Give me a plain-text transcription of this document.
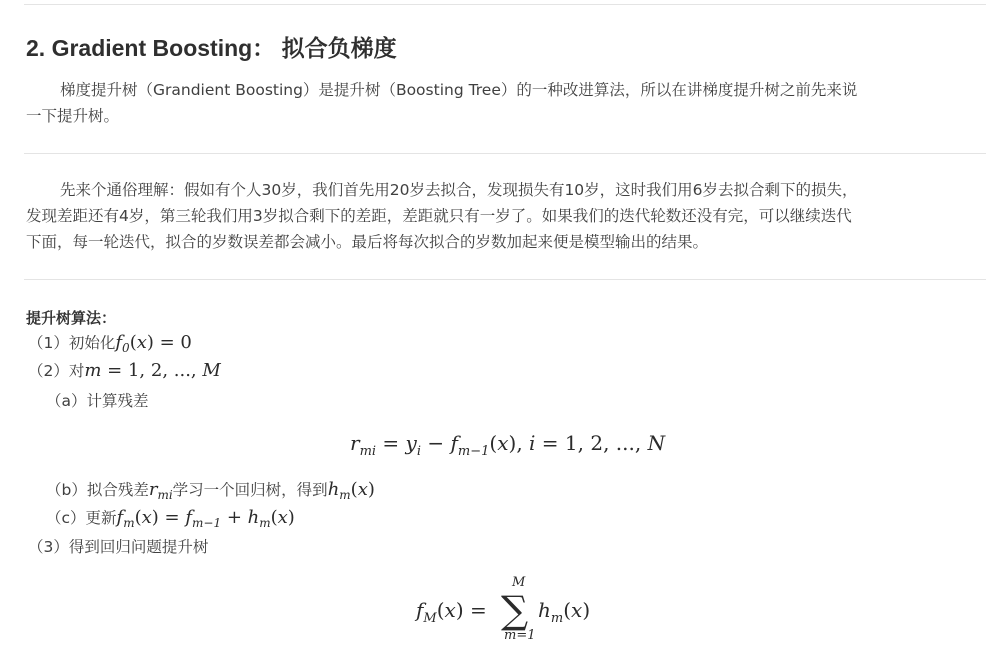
2. Gradient Boosting： 拟合负梯度
梯度提升树（Grandient Boosting）是提升树（Boosting Tree）的一种改进算法，所以在讲梯度提升树之前先来说
一下提升树。
先来个通俗理解：假如有个人30岁，我们首先用20岁去拟合，发现损失有10岁，这时我们用6岁去拟合剩下的损失，
发现差距还有4岁，第三轮我们用3岁拟合剩下的差距，差距就只有一岁了。如果我们的迭代轮数还没有完，可以继续迭代
下面，每一轮迭代，拟合的岁数误差都会减小。最后将每次拟合的岁数加起来便是模型输出的结果。
提升树算法：
（1）初始化$f_0(x) = 0$
（2）对m = 1, 2, ..., M
（a）计算残差
$r_{mi} = y_i - f_{m-1}(x)$, i = 1, 2, ..., N
（b）拟合残差$r_{mi}$学习一个回归树，得到$h_m(x)$
（c）更新$f_m(x) = f_{m-1} + h_m(x)$
（3）得到回归问题提升树
$f_M(x)$ =
M
∑
m=1
$h_m(x)$
